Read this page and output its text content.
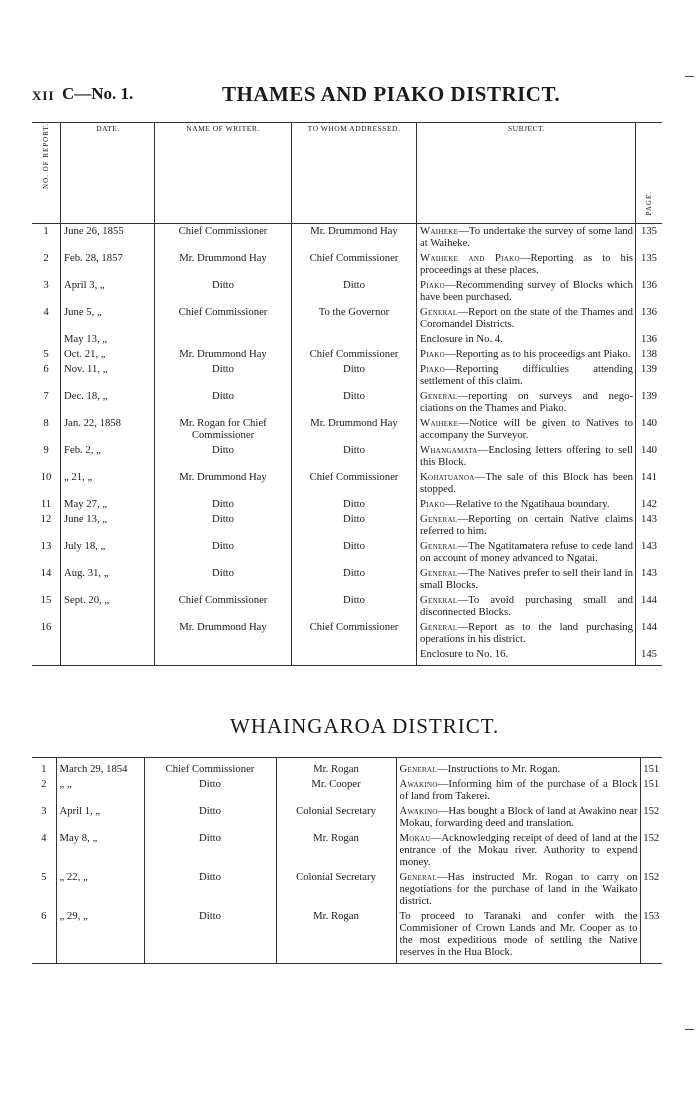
XII C—No. 1.	THAMES AND PIAKO DISTRICT.
NO. OF REPORT.	DATE.	NAME OF WRITER.	TO WHOM ADDRESSED.	SUBJECT.	PAGE.
1	June 26, 1855	Chief Commissioner	Mr. Drummond Hay	Waiheke—To undertake the survey of some land at Waiheke.	135
2	Feb. 28, 1857	Mr. Drummond Hay	Chief Commissioner	Waiheke and Piako—Reporting as to his proceedings at these places.	135
3	April 3, „	Ditto	Ditto	Piako—Recommending survey of Blocks which have been purchased.	136
4	June 5, „	Chief Commissioner	To the Governor	General—Report on the state of the Thames and Coromandel Districts.	136
	May 13, „			Enclosure in No. 4.	136
5	Oct. 21, „	Mr. Drummond Hay	Chief Commissioner	Piako—Reporting as to his proceedigs ant Piako.	138
6	Nov. 11, „	Ditto	Ditto	Piako—Reporting difficulties attending settlement of this claim.	139
7	Dec. 18, „	Ditto	Ditto	General—reporting on surveys and nego-ciations on the Thames and Piako.	139
8	Jan. 22, 1858	Mr. Rogan for Chief Commissioner	Mr. Drummond Hay	Waiheke—Notice will be given to Natives to accompany the Surveyor.	140
9	Feb. 2, „	Ditto	Ditto	Whangamata—Enclosing letters offering to sell this Block.	140
10	„ 21, „	Mr. Drummond Hay	Chief Commissioner	Kohatuanoa—The sale of this Block has been stopped.	141
11	May 27, „	Ditto	Ditto	Piako—Relative to the Ngatihaua boundary.	142
12	June 13, „	Ditto	Ditto	General—Reporting on certain Native claims referred to him.	143
13	July 18, „	Ditto	Ditto	General—The Ngatitamatera refuse to cede land on account of money advanced to Ngatai.	143
14	Aug. 31, „	Ditto	Ditto	General—The Natives prefer to sell their land in small Blocks.	143
15	Sept. 20, „	Chief Commissioner	Ditto	General—To avoid purchasing small and disconnected Blocks.	144
16		Mr. Drummond Hay	Chief Commissioner	General—Report as to the land purchasing operations in his district.	144
				Enclosure to No. 16.	145

WHAINGAROA DISTRICT.
1	March 29, 1854	Chief Commissioner	Mr. Rogan	General—Instructions to Mr. Rogan.	151
2	„ „	Ditto	Mr. Cooper	Awakino—Informing him of the purchase of a Block of land from Takerei.	151
3	April 1, „	Ditto	Colonial Secretary	Awakino—Has bought a Block of land at Awakino near Mokau, forwarding deed and translation.	152
4	May 8, „	Ditto	Mr. Rogan	Mokau—Acknowledging receipt of deed of land at the entrance of the Mokau river. Authority to expend money.	152
5	„ 22, „	Ditto	Colonial Secretary	General—Has instructed Mr. Rogan to carry on negotiations for the purchase of land in the Waikato district.	152
6	„ 29, „	Ditto	Mr. Rogan	To proceed to Taranaki and confer with the Commisioner of Crown Lands and Mr. Cooper as to the most expeditious mode of settling the Native reserves in the Hua Block.	153
